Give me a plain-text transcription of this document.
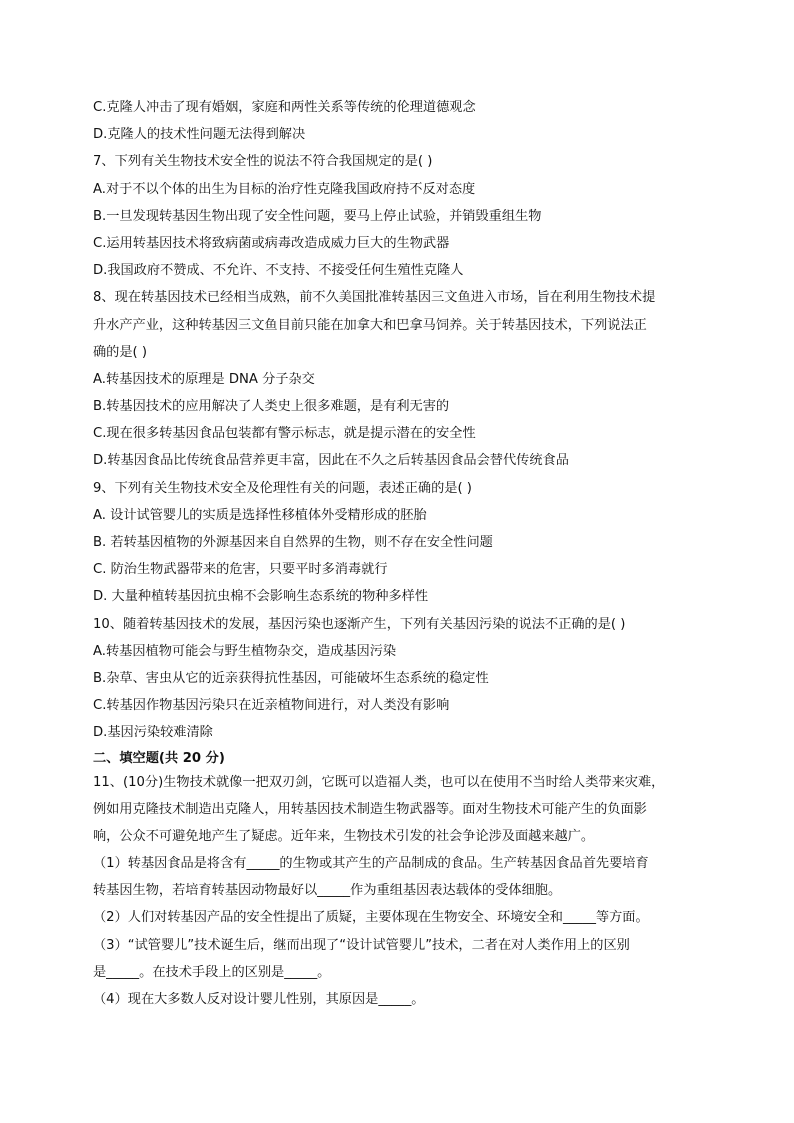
C.克隆人冲击了现有婚姻，家庭和两性关系等传统的伦理道德观念
D.克隆人的技术性问题无法得到解决
7、下列有关生物技术安全性的说法不符合我国规定的是( )
A.对于不以个体的出生为目标的治疗性克隆我国政府持不反对态度
B.一旦发现转基因生物出现了安全性问题，要马上停止试验，并销毁重组生物
C.运用转基因技术将致病菌或病毒改造成威力巨大的生物武器
D.我国政府不赞成、不允许、不支持、不接受任何生殖性克隆人
8、现在转基因技术已经相当成熟，前不久美国批准转基因三文鱼进入市场，旨在利用生物技术提
升水产产业，这种转基因三文鱼目前只能在加拿大和巴拿马饲养。关于转基因技术，下列说法正
确的是( )
A.转基因技术的原理是 DNA 分子杂交
B.转基因技术的应用解决了人类史上很多难题，是有利无害的
C.现在很多转基因食品包装都有警示标志，就是提示潜在的安全性
D.转基因食品比传统食品营养更丰富，因此在不久之后转基因食品会替代传统食品
9、下列有关生物技术安全及伦理性有关的问题，表述正确的是( )
A. 设计试管婴儿的实质是选择性移植体外受精形成的胚胎
B. 若转基因植物的外源基因来自自然界的生物，则不存在安全性问题
C. 防治生物武器带来的危害，只要平时多消毒就行
D. 大量种植转基因抗虫棉不会影响生态系统的物种多样性
10、随着转基因技术的发展，基因污染也逐渐产生，下列有关基因污染的说法不正确的是( )
A.转基因植物可能会与野生植物杂交，造成基因污染
B.杂草、害虫从它的近亲获得抗性基因，可能破坏生态系统的稳定性
C.转基因作物基因污染只在近亲植物间进行，对人类没有影响
D.基因污染较难清除
二、填空题(共 20 分)
11、(10分)生物技术就像一把双刃剑，它既可以造福人类，也可以在使用不当时给人类带来灾难，
例如用克隆技术制造出克隆人，用转基因技术制造生物武器等。面对生物技术可能产生的负面影
响，公众不可避免地产生了疑虑。近年来，生物技术引发的社会争论涉及面越来越广。
（1）转基因食品是将含有_____的生物或其产生的产品制成的食品。生产转基因食品首先要培育
转基因生物，若培育转基因动物最好以_____作为重组基因表达载体的受体细胞。
（2）人们对转基因产品的安全性提出了质疑，主要体现在生物安全、环境安全和_____等方面。
（3）“试管婴儿”技术诞生后，继而出现了“设计试管婴儿”技术，二者在对人类作用上的区别
是_____。在技术手段上的区别是_____。
（4）现在大多数人反对设计婴儿性别，其原因是_____。
